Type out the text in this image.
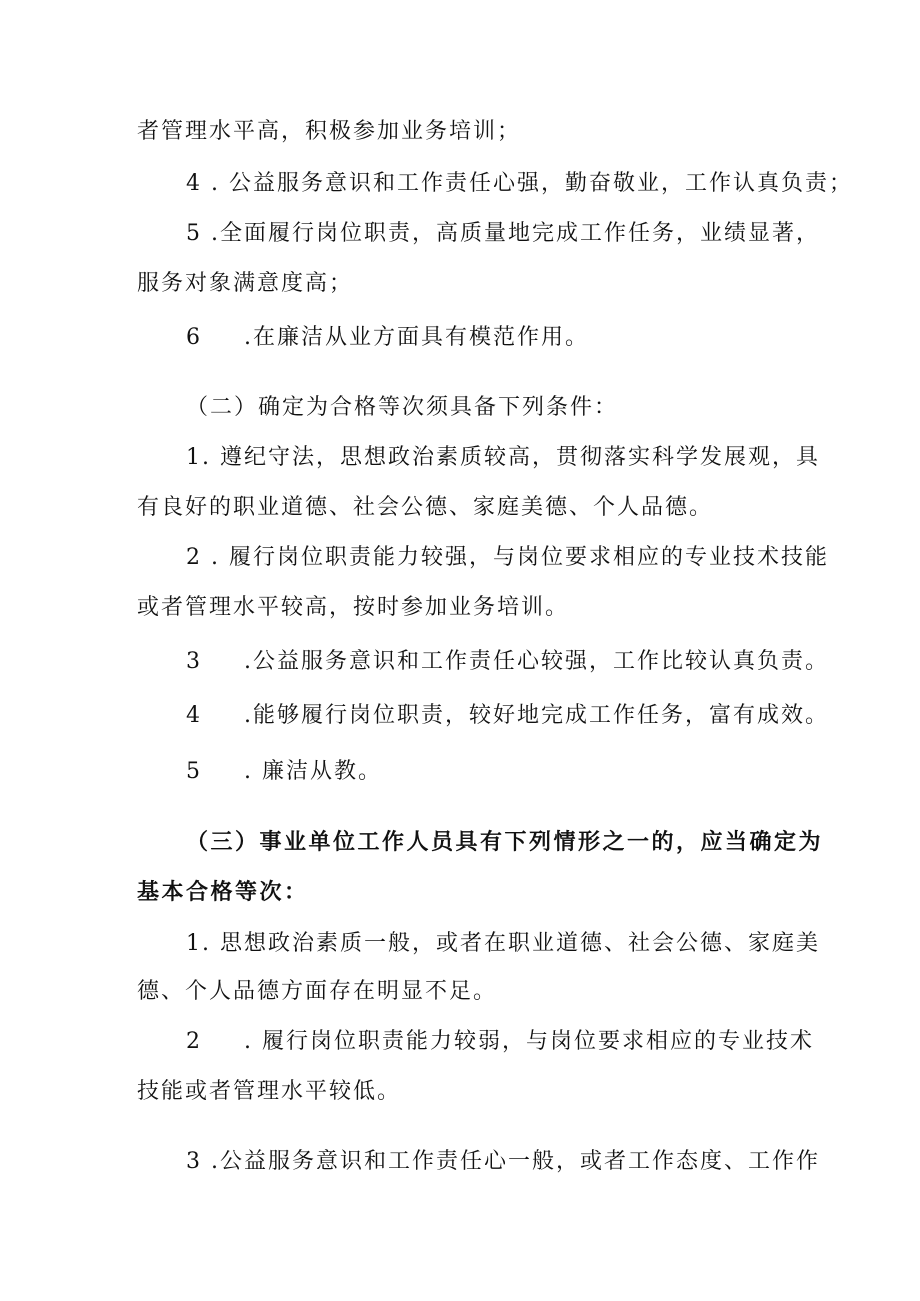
者管理水平高，积极参加业务培训；
4 . 公益服务意识和工作责任心强，勤奋敬业，工作认真负责；
5 .全面履行岗位职责，高质量地完成工作任务，业绩显著，
服务对象满意度高；
6 .在廉洁从业方面具有模范作用。
（二）确定为合格等次须具备下列条件：
1. 遵纪守法，思想政治素质较高，贯彻落实科学发展观，具
有良好的职业道德、社会公德、家庭美德、个人品德。
2 . 履行岗位职责能力较强，与岗位要求相应的专业技术技能
或者管理水平较高，按时参加业务培训。
3 .公益服务意识和工作责任心较强，工作比较认真负责。
4 .能够履行岗位职责，较好地完成工作任务，富有成效。
5 . 廉洁从教。
（三）事业单位工作人员具有下列情形之一的，应当确定为
基本合格等次：
1. 思想政治素质一般，或者在职业道德、社会公德、家庭美
德、个人品德方面存在明显不足。
2 . 履行岗位职责能力较弱，与岗位要求相应的专业技术
技能或者管理水平较低。
3 .公益服务意识和工作责任心一般，或者工作态度、工作作
